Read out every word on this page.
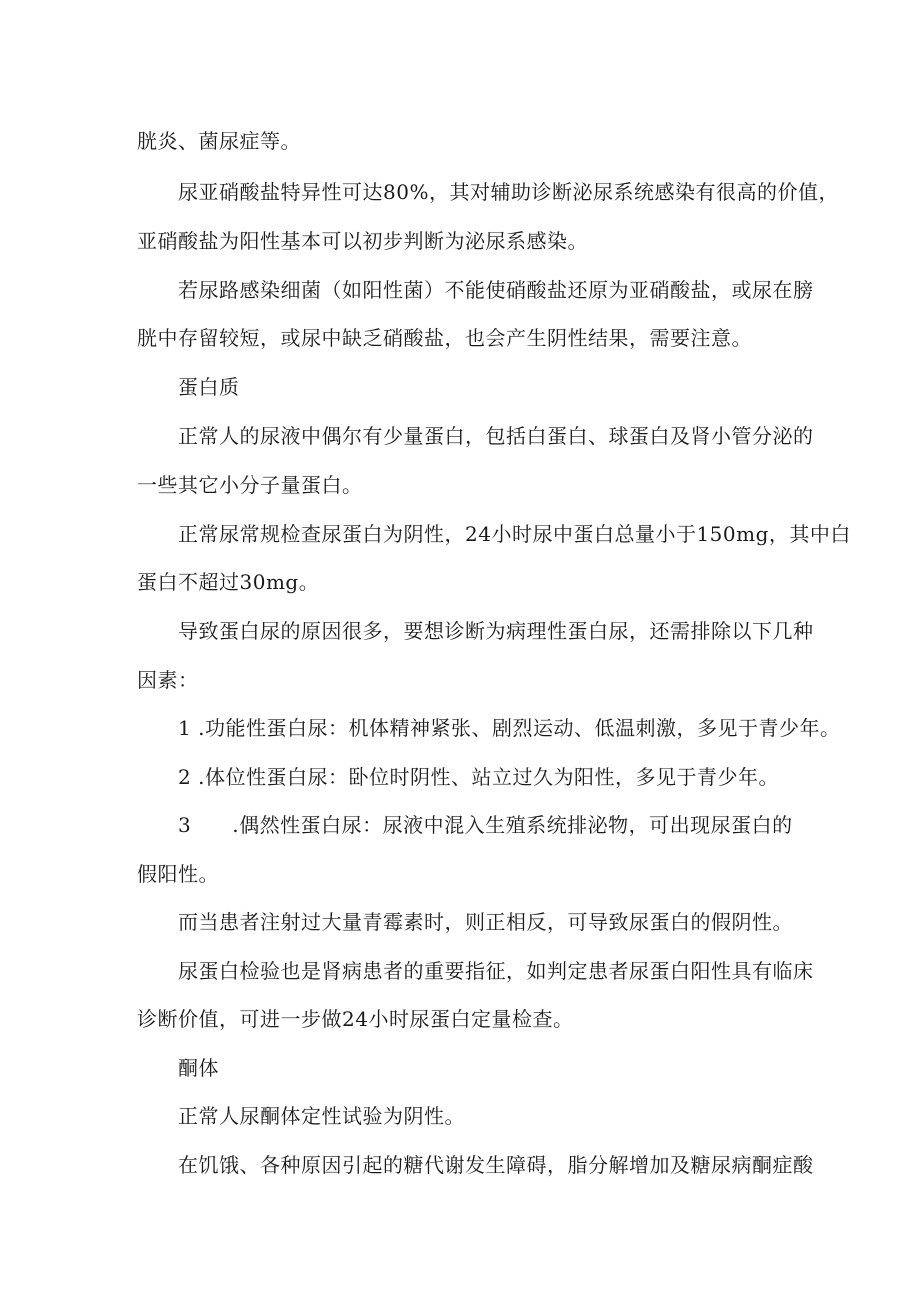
胱炎、菌尿症等。
尿亚硝酸盐特异性可达80%，其对辅助诊断泌尿系统感染有很高的价值，
亚硝酸盐为阳性基本可以初步判断为泌尿系感染。
若尿路感染细菌（如阳性菌）不能使硝酸盐还原为亚硝酸盐，或尿在膀
胱中存留较短，或尿中缺乏硝酸盐，也会产生阴性结果，需要注意。
蛋白质
正常人的尿液中偶尔有少量蛋白，包括白蛋白、球蛋白及肾小管分泌的
一些其它小分子量蛋白。
正常尿常规检查尿蛋白为阴性，24小时尿中蛋白总量小于150mg，其中白
蛋白不超过30mg。
导致蛋白尿的原因很多，要想诊断为病理性蛋白尿，还需排除以下几种
因素：
1 .功能性蛋白尿：机体精神紧张、剧烈运动、低温刺激，多见于青少年。
2 .体位性蛋白尿：卧位时阴性、站立过久为阳性，多见于青少年。
3　　.偶然性蛋白尿：尿液中混入生殖系统排泌物，可出现尿蛋白的
假阳性。
而当患者注射过大量青霉素时，则正相反，可导致尿蛋白的假阴性。
尿蛋白检验也是肾病患者的重要指征，如判定患者尿蛋白阳性具有临床
诊断价值，可进一步做24小时尿蛋白定量检查。
酮体
正常人尿酮体定性试验为阴性。
在饥饿、各种原因引起的糖代谢发生障碍，脂分解增加及糖尿病酮症酸
